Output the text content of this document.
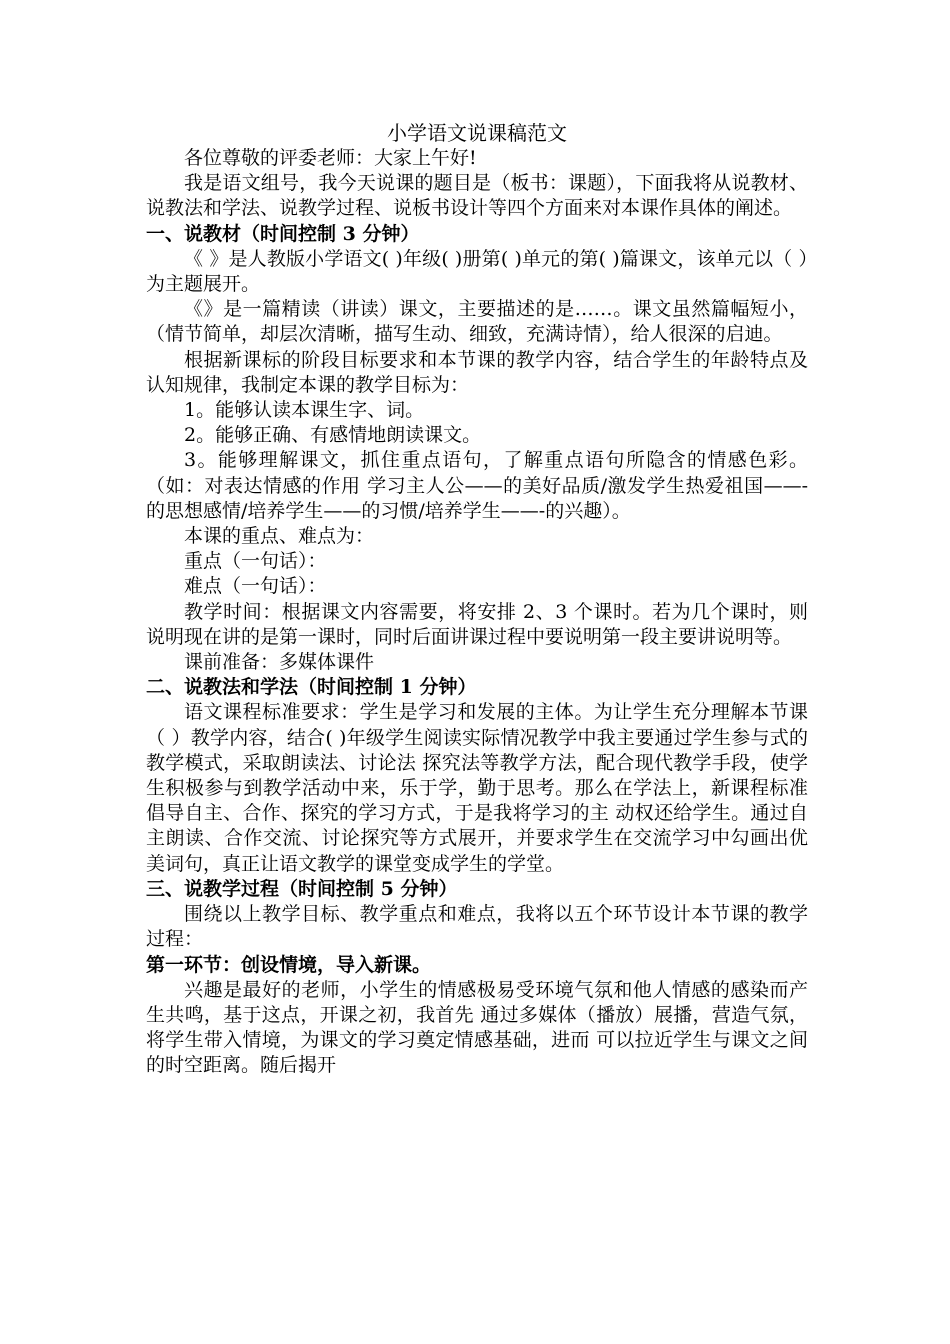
小学语文说课稿范文

各位尊敬的评委老师：大家上午好!

我是语文组号，我今天说课的题目是（板书：课题），下面我将从说教材、说教法和学法、说教学过程、说板书设计等四个方面来对本课作具体的阐述。

一、说教材（时间控制 3 分钟）

《 》是人教版小学语文( )年级( )册第( )单元的第( )篇课文，该单元以（ ）为主题展开。

《》是一篇精读（讲读）课文，主要描述的是……。课文虽然篇幅短小，（情节简单，却层次清晰，描写生动、细致，充满诗情），给人很深的启迪。

根据新课标的阶段目标要求和本节课的教学内容，结合学生的年龄特点及认知规律，我制定本课的教学目标为：

1。能够认读本课生字、词。

2。能够正确、有感情地朗读课文。

3。能够理解课文，抓住重点语句，了解重点语句所隐含的情感色彩。（如：对表达情感的作用 学习主人公——的美好品质/激发学生热爱祖国——-的思想感情/培养学生——的习惯/培养学生——-的兴趣）。

本课的重点、难点为：

重点（一句话）：

难点（一句话）：

教学时间：根据课文内容需要，将安排 2、3 个课时。若为几个课时，则说明现在讲的是第一课时，同时后面讲课过程中要说明第一段主要讲说明等。

课前准备：多媒体课件

二、说教法和学法（时间控制 1 分钟）

语文课程标准要求：学生是学习和发展的主体。为让学生充分理解本节课（ ）教学内容，结合( )年级学生阅读实际情况教学中我主要通过学生参与式的教学模式，采取朗读法、讨论法 探究法等教学方法，配合现代教学手段，使学生积极参与到教学活动中来，乐于学，勤于思考。那么在学法上，新课程标准倡导自主、合作、探究的学习方式，于是我将学习的主 动权还给学生。通过自主朗读、合作交流、讨论探究等方式展开，并要求学生在交流学习中勾画出优美词句，真正让语文教学的课堂变成学生的学堂。

三、说教学过程（时间控制 5 分钟）

围绕以上教学目标、教学重点和难点，我将以五个环节设计本节课的教学过程：

第一环节：创设情境，导入新课。

兴趣是最好的老师，小学生的情感极易受环境气氛和他人情感的感染而产生共鸣，基于这点，开课之初，我首先 通过多媒体（播放）展播，营造气氛，将学生带入情境，为课文的学习奠定情感基础，进而 可以拉近学生与课文之间的时空距离。随后揭开
